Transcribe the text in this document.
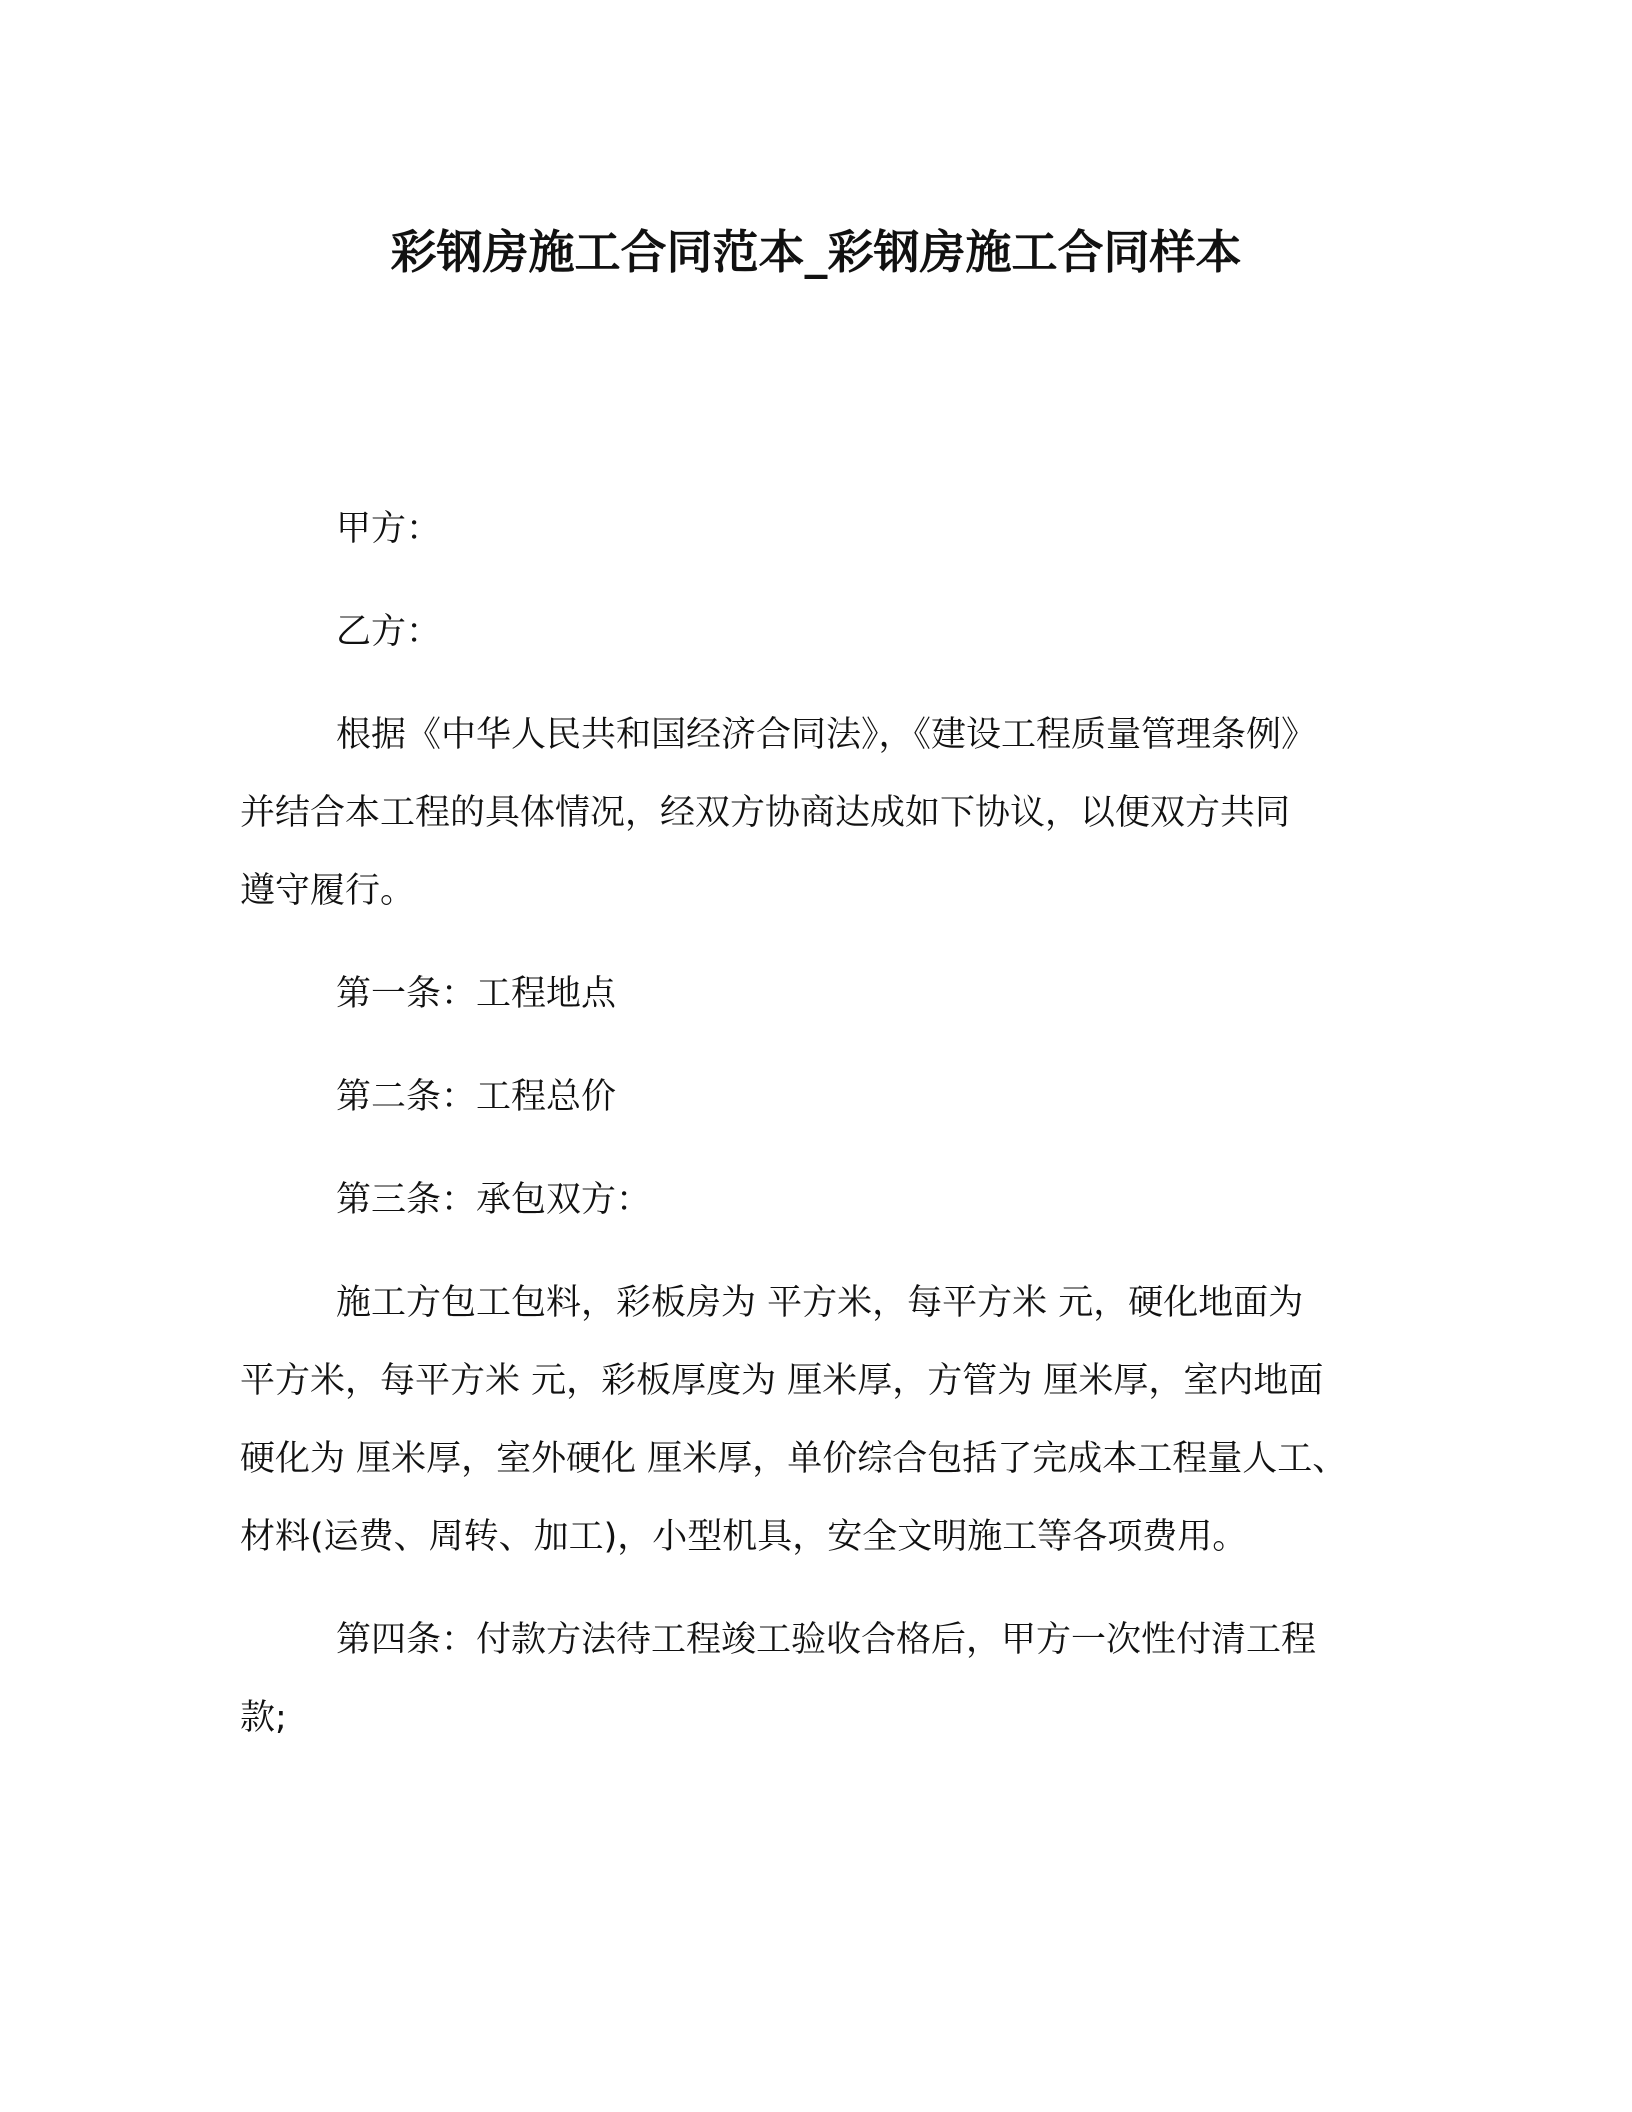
彩钢房施工合同范本_彩钢房施工合同样本

甲方：

乙方：

根据《中华人民共和国经济合同法》，《建设工程质量管理条例》
并结合本工程的具体情况，经双方协商达成如下协议，以便双方共同
遵守履行。

第一条：工程地点

第二条：工程总价

第三条：承包双方：

施工方包工包料，彩板房为 平方米，每平方米 元，硬化地面为
平方米，每平方米 元，彩板厚度为 厘米厚，方管为 厘米厚，室内地面
硬化为 厘米厚，室外硬化 厘米厚，单价综合包括了完成本工程量人工、
材料(运费、周转、加工)，小型机具，安全文明施工等各项费用。
第四条：付款方法待工程竣工验收合格后，甲方一次性付清工程
款;
